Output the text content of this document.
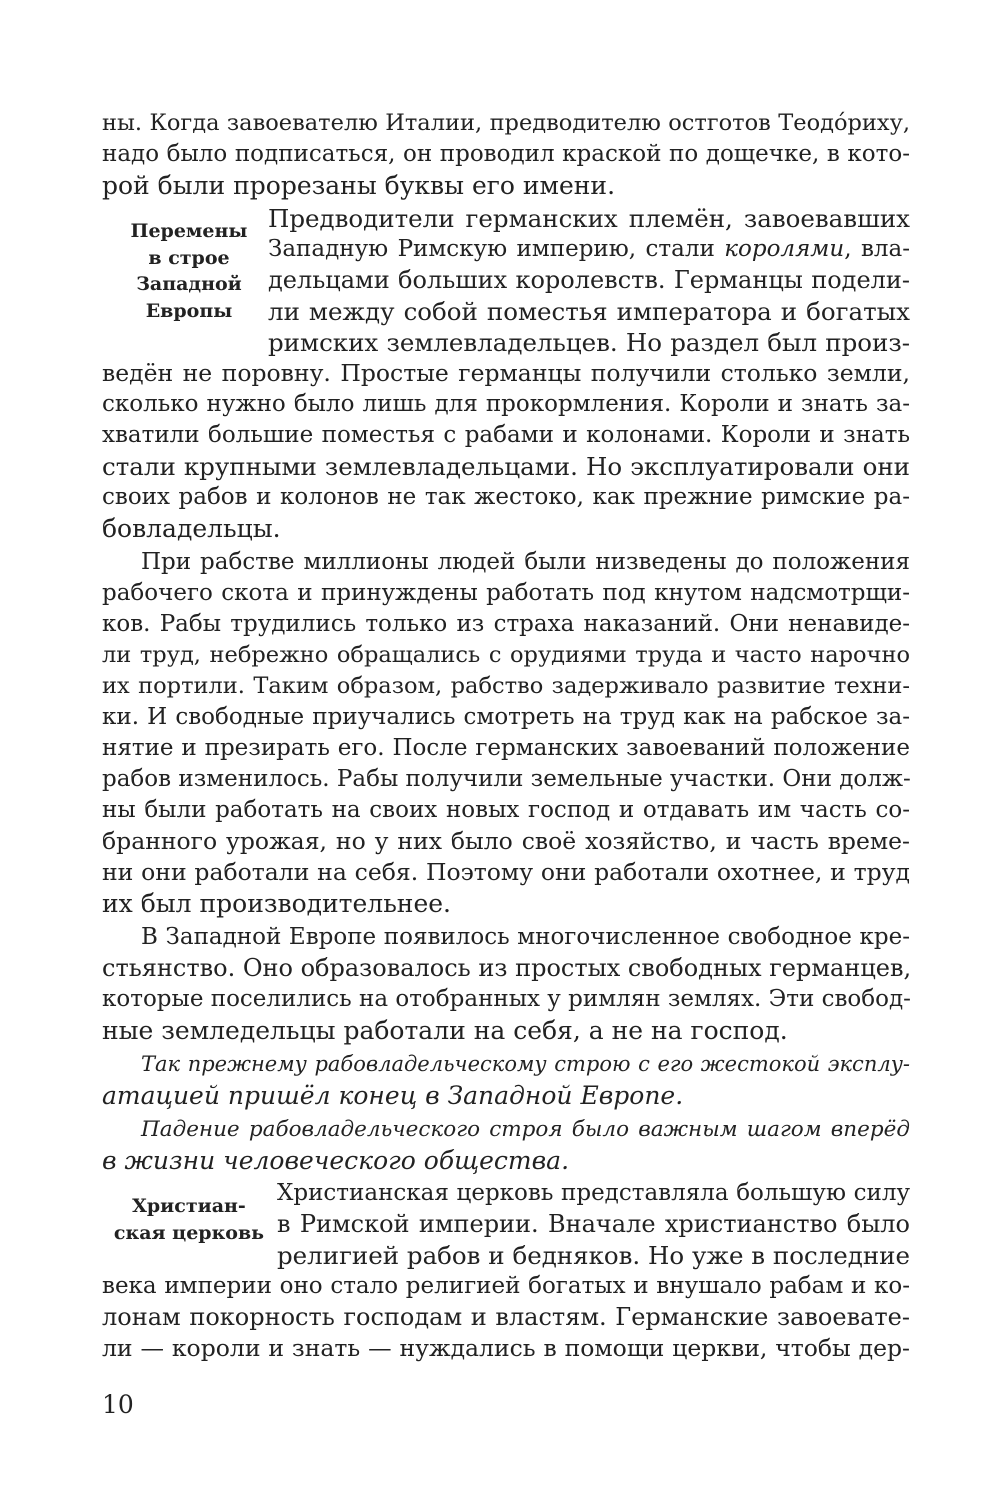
ны. Когда завоевателю Италии, предводителю остготов Теодо́риху,
надо было подписаться, он проводил краской по дощечке, в кото-
рой были прорезаны буквы его имени.
Перемены
в строе
Западной
Европы
Предводители германских племён, завоевавших
Западную Римскую империю, стали королями, вла-
дельцами больших королевств. Германцы подели-
ли между собой поместья императора и богатых
римских землевладельцев. Но раздел был произ-
ведён не поровну. Простые германцы получили столько земли,
сколько нужно было лишь для прокормления. Короли и знать за-
хватили большие поместья с рабами и колонами. Короли и знать
стали крупными землевладельцами. Но эксплуатировали они
своих рабов и колонов не так жестоко, как прежние римские ра-
бовладельцы.
При рабстве миллионы людей были низведены до положения
рабочего скота и принуждены работать под кнутом надсмотрщи-
ков. Рабы трудились только из страха наказаний. Они ненавиде-
ли труд, небрежно обращались с орудиями труда и часто нарочно
их портили. Таким образом, рабство задерживало развитие техни-
ки. И свободные приучались смотреть на труд как на рабское за-
нятие и презирать его. После германских завоеваний положение
рабов изменилось. Рабы получили земельные участки. Они долж-
ны были работать на своих новых господ и отдавать им часть со-
бранного урожая, но у них было своё хозяйство, и часть време-
ни они работали на себя. Поэтому они работали охотнее, и труд
их был производительнее.
В Западной Европе появилось многочисленное свободное кре-
стьянство. Оно образовалось из простых свободных германцев,
которые поселились на отобранных у римлян землях. Эти свобод-
ные земледельцы работали на себя, а не на господ.
Так прежнему рабовладельческому строю с его жестокой эксплу-
атацией пришёл конец в Западной Европе.
Падение рабовладельческого строя было важным шагом вперёд
в жизни человеческого общества.
Христиан-
ская церковь
Христианская церковь представляла большую силу
в Римской империи. Вначале христианство было
религией рабов и бедняков. Но уже в последние
века империи оно стало религией богатых и внушало рабам и ко-
лонам покорность господам и властям. Германские завоевате-
ли — короли и знать — нуждались в помощи церкви, чтобы дер-
10
